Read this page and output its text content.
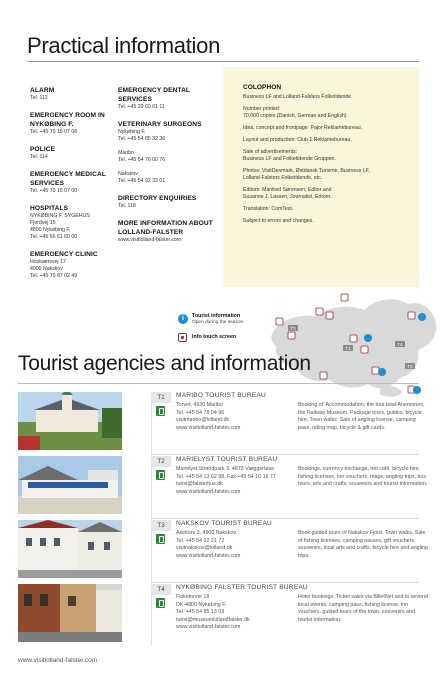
Practical information
ALARM

Tel. 112

EMERGENCY ROOM IN NYKØBING F.

Tel. +45 70 15 07 08

POLICE

Tel. 114

EMERGENCY MEDICAL SERVICES

Tel. +45 70 15 07 00

HOSPITALS

NYKØBING F. SYGEHUS
Fjordvej 15
4800 Nykøbing F.
Tel. +45 56 51 60 00

EMERGENCY CLINIC

Hoskiærsvej 17
4900 Nakskov
Tel. +45 70 87 02 49

EMERGENCY DENTAL SERVICES

Tel. +45 29 60 01 11

VETERINARY SURGEONS

Nykøbing F.
Tel. +45 54 85 32 36

Maribo
Tel. +45 54 76 00 76

Nakskov
Tel. +45 54 92 33 01

DIRECTORY ENQUIRIES

Tel. 118

MORE INFORMATION ABOUT LOLLAND-FALSTER

www.visitlolland-falster.com

COLOPHON

Business LF and Lolland-Falsters Folketidende.

Number printed:
70.000 copies (Danish, German and English)

Idea, concept and frontpage: Pajor Reklamebureau.

Layout and production: Club 1 Reklamebureau.

Sale of advertisements:
Business LF and Folketidende Gruppen.

Photos: VisitDenmark, Østdansk Turisme, Business LF,
Lolland-Falsters Folketidende, etc.

Editors: Manfred Sørensen, Editor and
Susanne J. Lassen, Journalist, Erkom.

Translation: ComText.

Subject to errors and changes.

i	Tourist information
Open during the season
Info touch screen
T1
T2
T3
T4
Tourist agencies and information
T1	MARIBO TOURIST BUREAU
Torvet, 4930 Maribo
Tel. +45 54 78 04 96
visitmaribo@lolland.dk
www.visitlolland-falster.com
Booking of: Accommodation, the tour boat Anemonen, the Railway Museum. Package tours, guides, bicycle hire, Town walks. Sale of angling license, camping pass, riding map, bicycle & gift cards.
T2	MARIELYST TOURIST BUREAU
Marielyst Strandpark 3, 4873 Væggerløse
Tel. +45 54 13 62 98, Fax +45 54 16 16 77
turist@falsterhus.dk
www.visitlolland-falster.com
Bookings, currency exchange, net café, bicycle hire, fishing licenses, Inn vouchers, maps, angling trips, bus tours, arts and crafts, souvenirs and tourist information.
T3	NAKSKOV TOURIST BUREAU
Axeltorv 3, 4900 Nakskov
Tel. +45 54 92 21 72
visitnakskov@lolland.dk
www.visitlolland-falster.com
Book guided tours of Nakskov Fjord. Town walks. Sale of fishing licenses, camping passes, gift vouchers, souvenirs, local arts and crafts, bicycle hire and angling trips.
T4	NYKØBING FALSTER TOURIST BUREAU
Fisketorvet 18
DK-4800 Nykøbing F.
Tel. +45 54 85 13 03
turist@museumlollandfalster.dk
www.visitlolland-falster.com
Hotel bookings. Ticket sales via BilletNet and to several local events, camping pass, fishing license, Inn vouchers, guided tours of the town, souvenirs and tourist information.
www.visitlolland-falster.com
